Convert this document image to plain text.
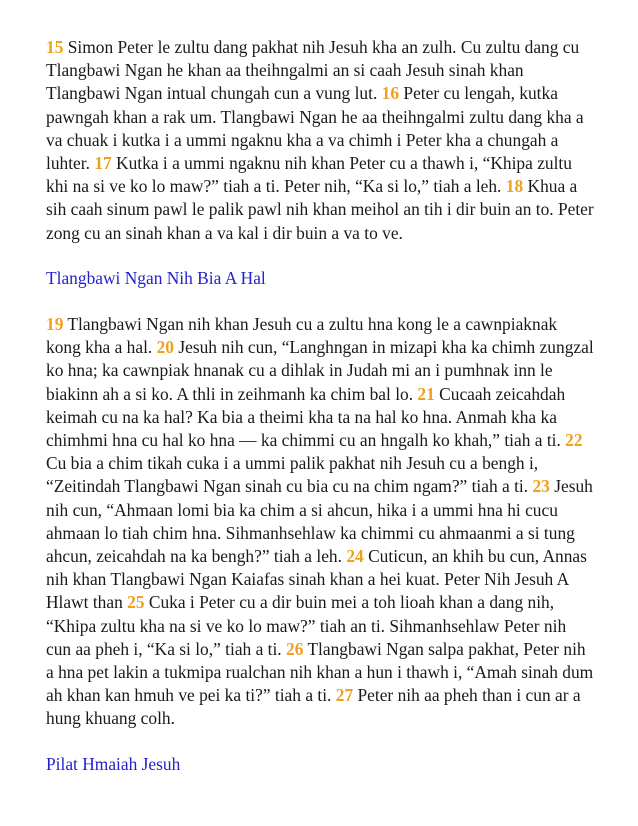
15 Simon Peter le zultu dang pakhat nih Jesuh kha an zulh. Cu zultu dang cu Tlangbawi Ngan he khan aa theihngalmi an si caah Jesuh sinah khan Tlangbawi Ngan intual chungah cun a vung lut. 16 Peter cu lengah, kutka pawngah khan a rak um. Tlangbawi Ngan he aa theihngalmi zultu dang kha a va chuak i kutka i a ummi ngaknu kha a va chimh i Peter kha a chungah a luhter. 17 Kutka i a ummi ngaknu nih khan Peter cu a thawh i, “Khipa zultu khi na si ve ko lo maw?” tiah a ti. Peter nih, “Ka si lo,” tiah a leh. 18 Khua a sih caah sinum pawl le palik pawl nih khan meihol an tih i dir buin an to. Peter zong cu an sinah khan a va kal i dir buin a va to ve.

Tlangbawi Ngan Nih Bia A Hal

19 Tlangbawi Ngan nih khan Jesuh cu a zultu hna kong le a cawnpiaknak kong kha a hal. 20 Jesuh nih cun, “Langhngan in mizapi kha ka chimh zungzal ko hna; ka cawnpiak hnanak cu a dihlak in Judah mi an i pumhnak inn le biakinn ah a si ko. A thli in zeihmanh ka chim bal lo. 21 Cucaah zeicahdah keimah cu na ka hal? Ka bia a theimi kha ta na hal ko hna. Anmah kha ka chimhmi hna cu hal ko hna — ka chimmi cu an hngalh ko khah,” tiah a ti. 22 Cu bia a chim tikah cuka i a ummi palik pakhat nih Jesuh cu a bengh i, “Zeitindah Tlangbawi Ngan sinah cu bia cu na chim ngam?” tiah a ti. 23 Jesuh nih cun, “Ahmaan lomi bia ka chim a si ahcun, hika i a ummi hna hi cucu ahmaan lo tiah chim hna. Sihmanhsehlaw ka chimmi cu ahmaanmi a si tung ahcun, zeicahdah na ka bengh?” tiah a leh. 24 Cuticun, an khih bu cun, Annas nih khan Tlangbawi Ngan Kaiafas sinah khan a hei kuat. Peter Nih Jesuh A Hlawt than 25 Cuka i Peter cu a dir buin mei a toh lioah khan a dang nih, “Khipa zultu kha na si ve ko lo maw?” tiah an ti. Sihmanhsehlaw Peter nih cun aa pheh i, “Ka si lo,” tiah a ti. 26 Tlangbawi Ngan salpa pakhat, Peter nih a hna pet lakin a tukmipa rualchan nih khan a hun i thawh i, “Amah sinah dum ah khan kan hmuh ve pei ka ti?” tiah a ti. 27 Peter nih aa pheh than i cun ar a hung khuang colh.

Pilat Hmaiah Jesuh
